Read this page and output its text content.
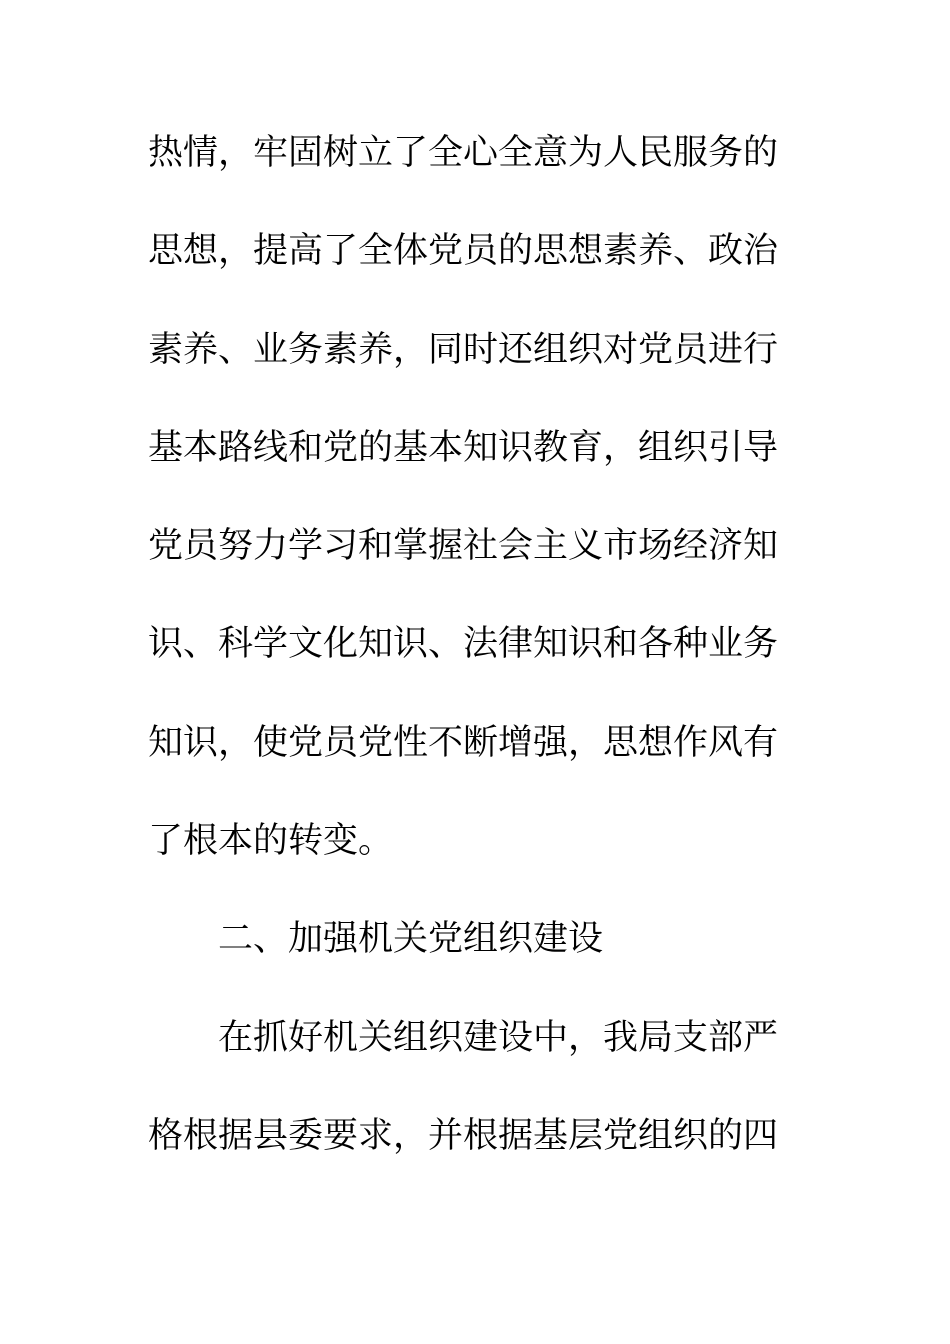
热情，牢固树立了全心全意为人民服务的
思想，提高了全体党员的思想素养、政治
素养、业务素养，同时还组织对党员进行
基本路线和党的基本知识教育，组织引导
党员努力学习和掌握社会主义市场经济知
识、科学文化知识、法律知识和各种业务
知识，使党员党性不断增强，思想作风有
了根本的转变。
二、加强机关党组织建设
在抓好机关组织建设中，我局支部严
格根据县委要求，并根据基层党组织的四
